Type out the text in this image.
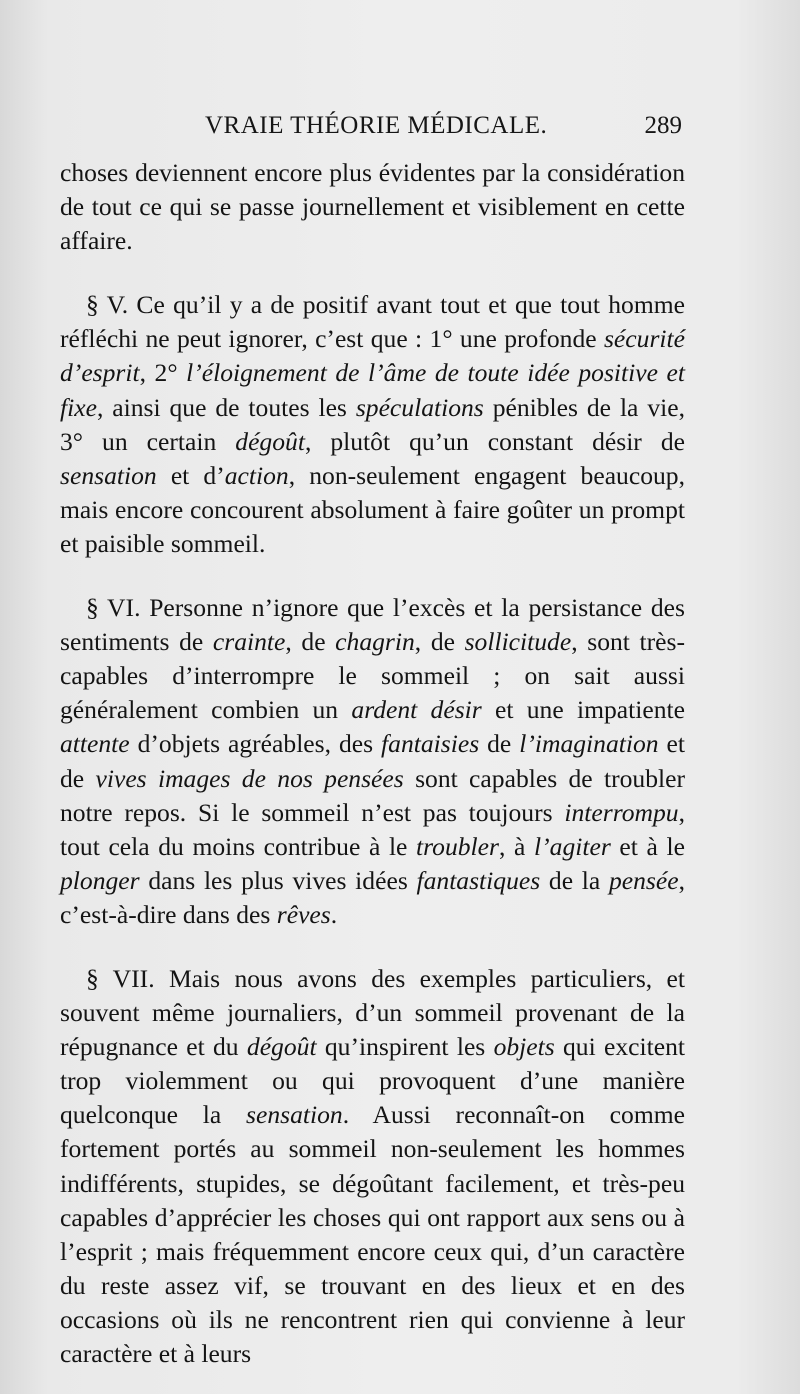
VRAIE THÉORIE MÉDICALE.	289

choses deviennent encore plus évidentes par la considération de tout ce qui se passe journellement et visiblement en cette affaire.

§ V. Ce qu’il y a de positif avant tout et que tout homme réfléchi ne peut ignorer, c’est que : 1° une profonde sécurité d’esprit, 2° l’éloignement de l’âme de toute idée positive et fixe, ainsi que de toutes les spéculations pénibles de la vie, 3° un certain dégoût, plutôt qu’un constant désir de sensation et d’action, non-seulement engagent beaucoup, mais encore concourent absolument à faire goûter un prompt et paisible sommeil.

§ VI. Personne n’ignore que l’excès et la persistance des sentiments de crainte, de chagrin, de sollicitude, sont très-capables d’interrompre le sommeil ; on sait aussi généralement combien un ardent désir et une impatiente attente d’objets agréables, des fantaisies de l’imagination et de vives images de nos pensées sont capables de troubler notre repos. Si le sommeil n’est pas toujours interrompu, tout cela du moins contribue à le troubler, à l’agiter et à le plonger dans les plus vives idées fantastiques de la pensée, c’est-à-dire dans des rêves.

§ VII. Mais nous avons des exemples particuliers, et souvent même journaliers, d’un sommeil provenant de la répugnance et du dégoût qu’inspirent les objets qui excitent trop violemment ou qui provoquent d’une manière quelconque la sensation. Aussi reconnaît-on comme fortement portés au sommeil non-seulement les hommes indifférents, stupides, se dégoûtant facilement, et très-peu capables d’apprécier les choses qui ont rapport aux sens ou à l’esprit ; mais fréquemment encore ceux qui, d’un caractère du reste assez vif, se trouvant en des lieux et en des occasions où ils ne rencontrent rien qui convienne à leur caractère et à leurs
